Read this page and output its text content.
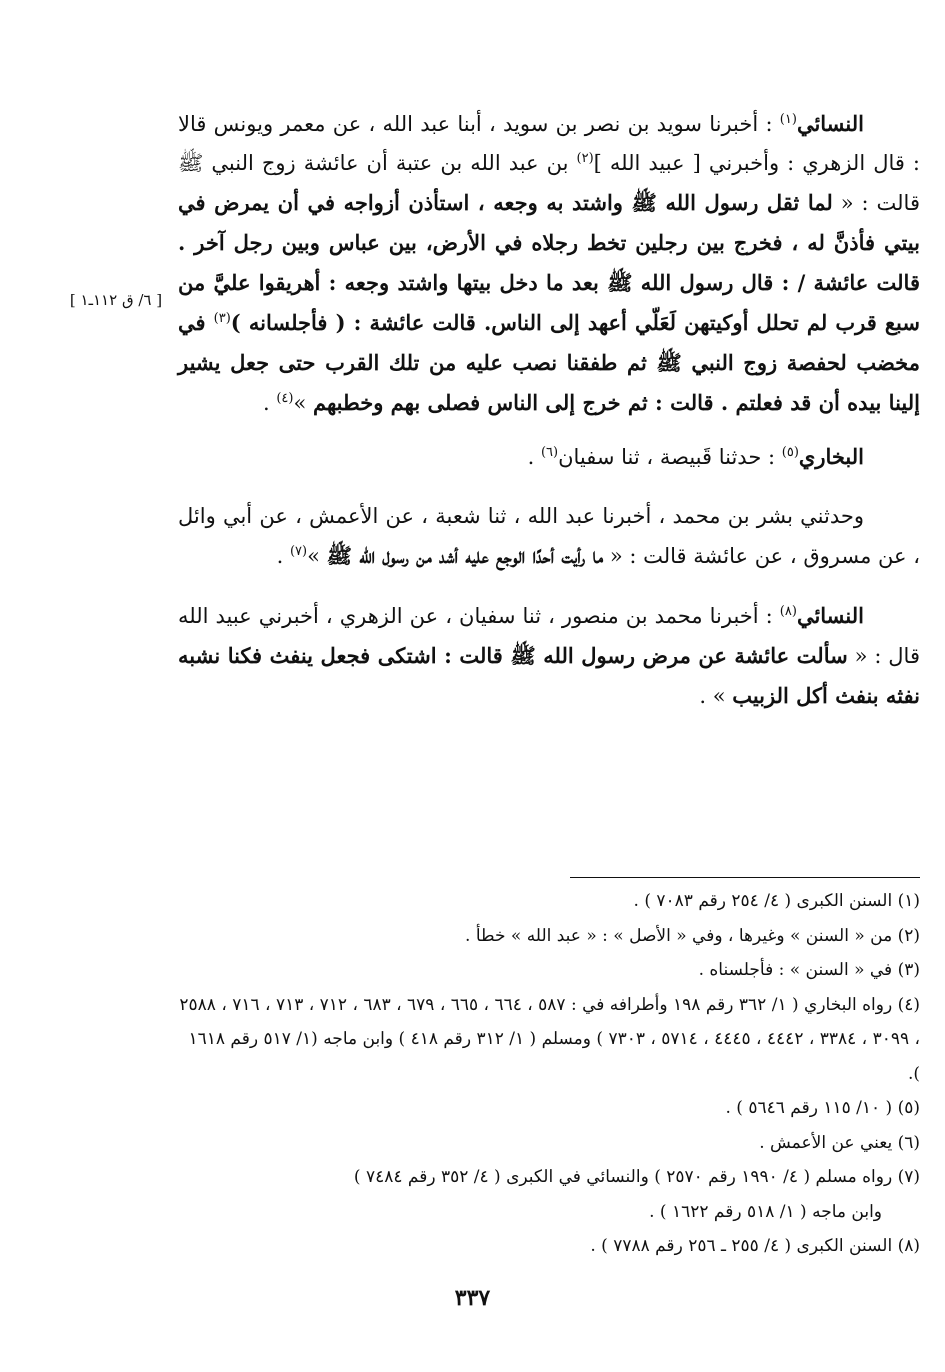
النسائي$^{(١)}$ : أخبرنا سويد بن نصر بن سويد ، أبنا عبد الله ، عن معمر ويونس قالا : قال الزهري : وأخبرني [ عبيد الله ]$^{(٢)}$ بن عبد الله بن عتبة أن عائشة زوج النبي ﷺ قالت : « لما ثقل رسول الله ﷺ واشتد به وجعه ، استأذن أزواجه في أن يمرض في بيتي فأذنَّ له ، فخرج بين رجلين تخط رجلاه في الأرض، بين عباس وبين رجل آخر . قالت عائشة / : قال رسول الله ﷺ بعد ما دخل بيتها واشتد وجعه : أهريقوا عليَّ من سبع قرب لم تحلل أوكيتهن لَعَلّي أعهد إلى الناس. قالت عائشة : ( فأجلسانه )$^{(٣)}$ في مخضب لحفصة زوج النبي ﷺ ثم طفقنا نصب عليه من تلك القرب حتى جعل يشير إلينا بيده أن قد فعلتم . قالت : ثم خرج إلى الناس فصلى بهم وخطبهم »$^{(٤)}$ .

البخاري$^{(٥)}$ : حدثنا قَبيصة ، ثنا سفيان$^{(٦)}$ .

وحدثني بشر بن محمد ، أخبرنا عبد الله ، ثنا شعبة ، عن الأعمش ، عن أبي وائل ، عن مسروق ، عن عائشة قالت : « ما رأيت أحدًا الوجع عليه أشد من رسول الله ﷺ »$^{(٧)}$ .

النسائي$^{(٨)}$ : أخبرنا محمد بن منصور ، ثنا سفيان ، عن الزهري ، أخبرني عبيد الله قال : « سألت عائشة عن مرض رسول الله ﷺ قالت : اشتكى فجعل ينفث فكنا نشبه نفثه بنفث أكل الزبيب » .

[ ٦/ ق ١١٢ـ١ ]

(١) السنن الكبرى ( ٤/ ٢٥٤ رقم ٧٠٨٣ ) .

(٢) من « السنن » وغيرها ، وفي « الأصل » : « عبد الله » خطأ .

(٣) في « السنن » : فأجلسناه .

(٤) رواه البخاري ( ١/ ٣٦٢ رقم ١٩٨ وأطرافه في : ٥٨٧ ، ٦٦٤ ، ٦٦٥ ، ٦٧٩ ، ٦٨٣ ، ٧١٢ ، ٧١٣ ، ٧١٦ ، ٢٥٨٨ ، ٣٠٩٩ ، ٣٣٨٤ ، ٤٤٤٢ ، ٤٤٤٥ ، ٥٧١٤ ، ٧٣٠٣ ) ومسلم ( ١/ ٣١٢ رقم ٤١٨ ) وابن ماجه (١/ ٥١٧ رقم ١٦١٨ ).

(٥) ( ١٠/ ١١٥ رقم ٥٦٤٦ ) .

(٦) يعني عن الأعمش .

(٧) رواه مسلم ( ٤/ ١٩٩٠ رقم ٢٥٧٠ ) والنسائي في الكبرى ( ٤/ ٣٥٢ رقم ٧٤٨٤ )

وابن ماجه ( ١/ ٥١٨ رقم ١٦٢٢ ) .

(٨) السنن الكبرى ( ٤/ ٢٥٥ ـ ٢٥٦ رقم ٧٧٨٨ ) .

٣٣٧
